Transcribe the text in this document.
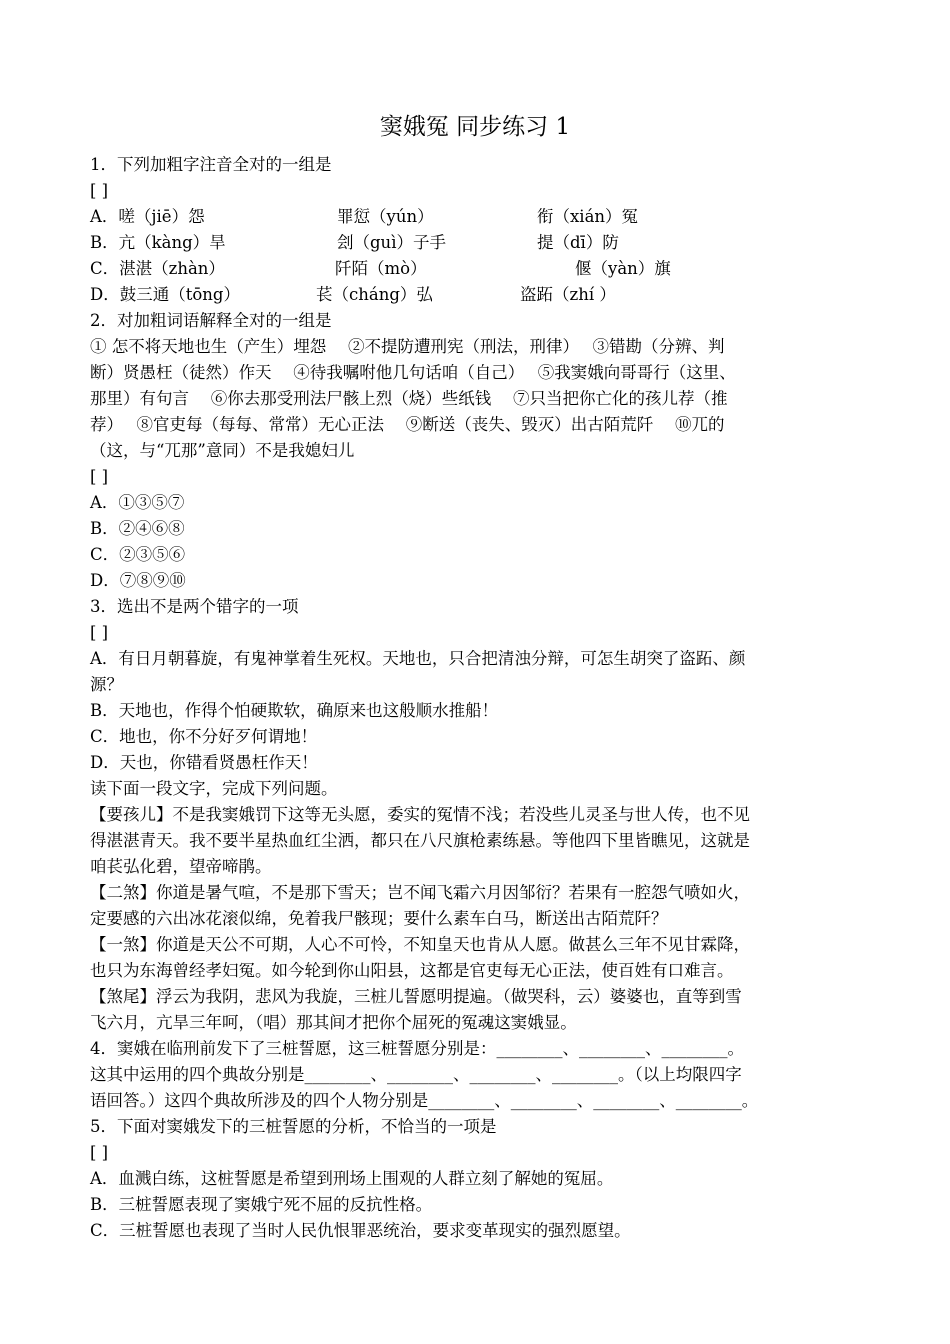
窦娥冤 同步练习 1
1．下列加粗字注音全对的一组是
[ ]
A．嗟（jiē）怨	罪愆（yún）	衔（xián）冤
B．亢（kàng）旱	刽（guì）子手	提（dī）防
C．湛湛（zhàn）	阡陌（mò）	偃（yàn）旗
D．鼓三通（tōng）	苌（cháng）弘	盗跖（zhí ）
2．对加粗词语解释全对的一组是
① 怎不将天地也生（产生）埋怨　 ②不提防遭刑宪（刑法，刑律）　 ③错勘（分辨、判
断）贤愚枉（徒然）作天　 ④待我嘱咐他几句话咱（自己）　 ⑤我窦娥向哥哥行（这里、
那里）有句言　 ⑥你去那受刑法尸骸上烈（烧）些纸钱　 ⑦只当把你亡化的孩儿荐（推
荐）　 ⑧官吏每（每每、常常）无心正法　 ⑨断送（丧失、毁灭）出古陌荒阡　 ⑩兀的
（这，与“兀那”意同）不是我媳妇儿
[ ]
A．①③⑤⑦
B．②④⑥⑧
C．②③⑤⑥
D．⑦⑧⑨⑩
3．选出不是两个错字的一项
[ ]
A．有日月朝暮旋，有鬼神掌着生死权。天地也，只合把清浊分辩，可怎生胡突了盗跖、颜
源？
B．天地也，作得个怕硬欺软，确原来也这般顺水推船！
C．地也，你不分好歹何谓地！
D．天也，你错看贤愚枉作天！
读下面一段文字，完成下列问题。
【要孩儿】不是我窦娥罚下这等无头愿，委实的冤情不浅；若没些儿灵圣与世人传，也不见
得湛湛青天。我不要半星热血红尘洒，都只在八尺旗枪素练悬。等他四下里皆瞧见，这就是
咱苌弘化碧，望帝啼鹃。
【二煞】你道是暑气喧，不是那下雪天；岂不闻飞霜六月因邹衍？若果有一腔怨气喷如火，
定要感的六出冰花滚似绵，免着我尸骸现；要什么素车白马，断送出古陌荒阡？
【一煞】你道是天公不可期，人心不可怜，不知皇天也肯从人愿。做甚么三年不见甘霖降，
也只为东海曾经孝妇冤。如今轮到你山阳县，这都是官吏每无心正法，使百姓有口难言。
【煞尾】浮云为我阴，悲风为我旋，三桩儿誓愿明提遍。（做哭科，云）婆婆也，直等到雪
飞六月，亢旱三年呵，（唱）那其间才把你个屈死的冤魂这窦娥显。
4．窦娥在临刑前发下了三桩誓愿，这三桩誓愿分别是：________、________、________。
这其中运用的四个典故分别是________、________、________、________。（以上均限四字
语回答。）这四个典故所涉及的四个人物分别是________、________、________、________。
5．下面对窦娥发下的三桩誓愿的分析，不恰当的一项是
[ ]
A．血溅白练，这桩誓愿是希望到刑场上围观的人群立刻了解她的冤屈。
B．三桩誓愿表现了窦娥宁死不屈的反抗性格。
C．三桩誓愿也表现了当时人民仇恨罪恶统治，要求变革现实的强烈愿望。
